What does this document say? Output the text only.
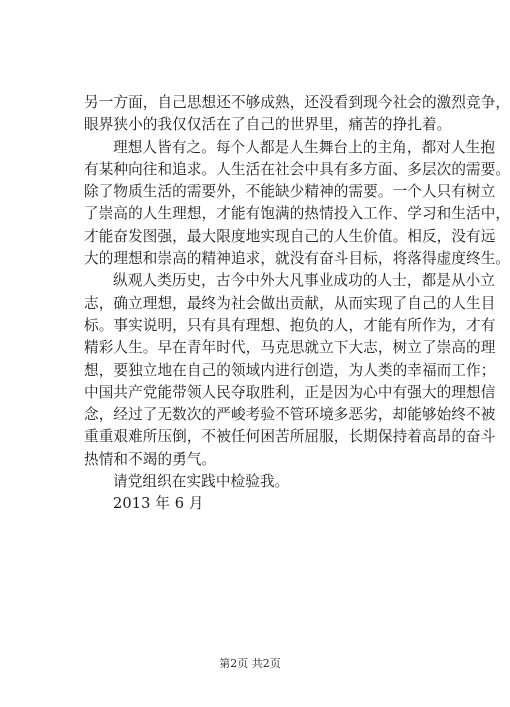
另一方面，自己思想还不够成熟，还没看到现今社会的激烈竞争，

眼界狭小的我仅仅活在了自己的世界里，痛苦的挣扎着。

理想人皆有之。每个人都是人生舞台上的主角，都对人生抱

有某种向往和追求。人生活在社会中具有多方面、多层次的需要。

除了物质生活的需要外，不能缺少精神的需要。一个人只有树立

了崇高的人生理想，才能有饱满的热情投入工作、学习和生活中，

才能奋发图强，最大限度地实现自己的人生价值。相反，没有远

大的理想和崇高的精神追求，就没有奋斗目标，将落得虚度终生。

纵观人类历史，古今中外大凡事业成功的人士，都是从小立

志，确立理想，最终为社会做出贡献，从而实现了自己的人生目

标。事实说明，只有具有理想、抱负的人，才能有所作为，才有

精彩人生。早在青年时代，马克思就立下大志，树立了崇高的理

想，要独立地在自己的领域内进行创造，为人类的幸福而工作；

中国共产党能带领人民夺取胜利，正是因为心中有强大的理想信

念，经过了无数次的严峻考验不管环境多恶劣，却能够始终不被

重重艰难所压倒，不被任何困苦所屈服，长期保持着高昂的奋斗

热情和不竭的勇气。

请党组织在实践中检验我。

2013 年 6 月

第2页 共2页
